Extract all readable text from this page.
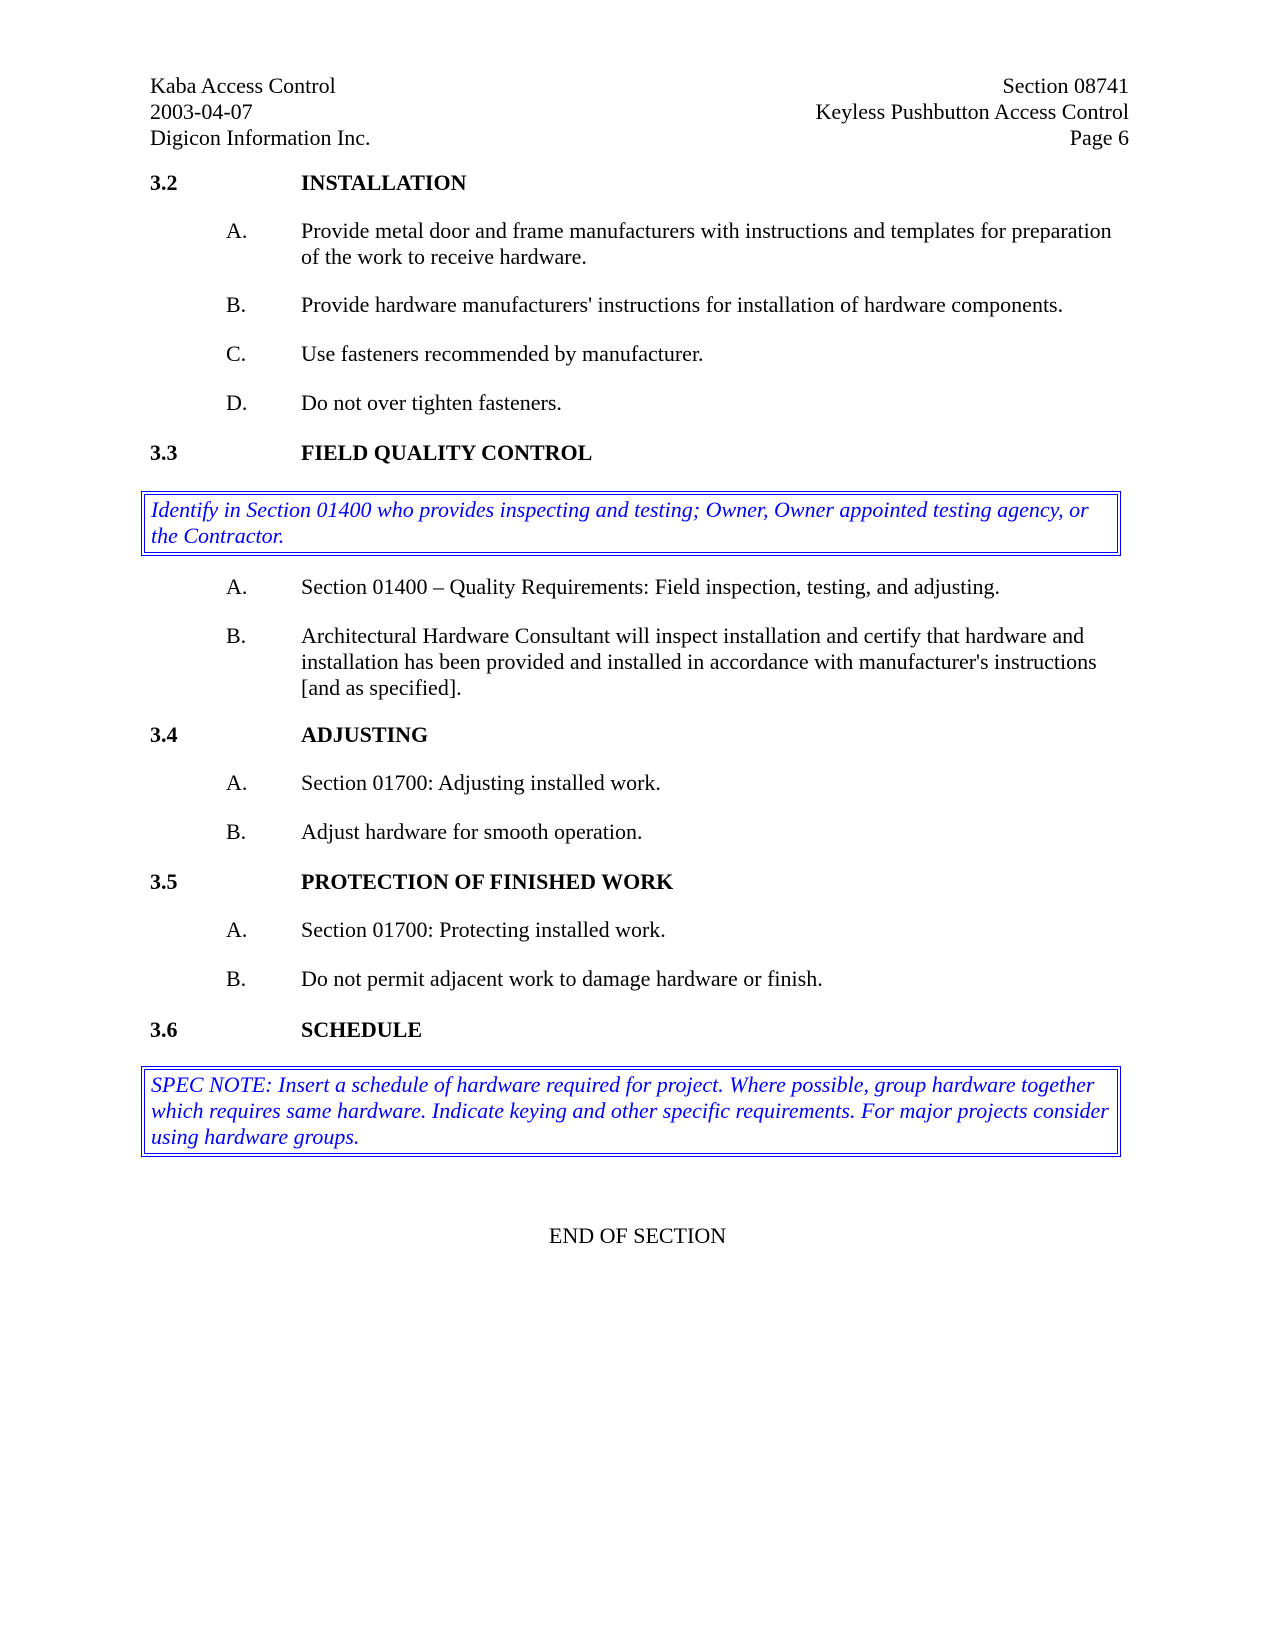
Kaba Access Control
2003-04-07
Digicon Information Inc.
Section 08741
Keyless Pushbutton Access Control
Page 6
3.2	INSTALLATION
A. Provide metal door and frame manufacturers with instructions and templates for preparation of the work to receive hardware.
B. Provide hardware manufacturers' instructions for installation of hardware components.
C. Use fasteners recommended by manufacturer.
D. Do not over tighten fasteners.
3.3	FIELD QUALITY CONTROL
Identify in Section 01400 who provides inspecting and testing; Owner, Owner appointed testing agency, or the Contractor.
A. Section 01400 – Quality Requirements: Field inspection, testing, and adjusting.
B. Architectural Hardware Consultant will inspect installation and certify that hardware and installation has been provided and installed in accordance with manufacturer's instructions [and as specified].
3.4	ADJUSTING
A. Section 01700: Adjusting installed work.
B. Adjust hardware for smooth operation.
3.5	PROTECTION OF FINISHED WORK
A. Section 01700: Protecting installed work.
B. Do not permit adjacent work to damage hardware or finish.
3.6	SCHEDULE
SPEC NOTE: Insert a schedule of hardware required for project. Where possible, group hardware together which requires same hardware. Indicate keying and other specific requirements. For major projects consider using hardware groups.
END OF SECTION
